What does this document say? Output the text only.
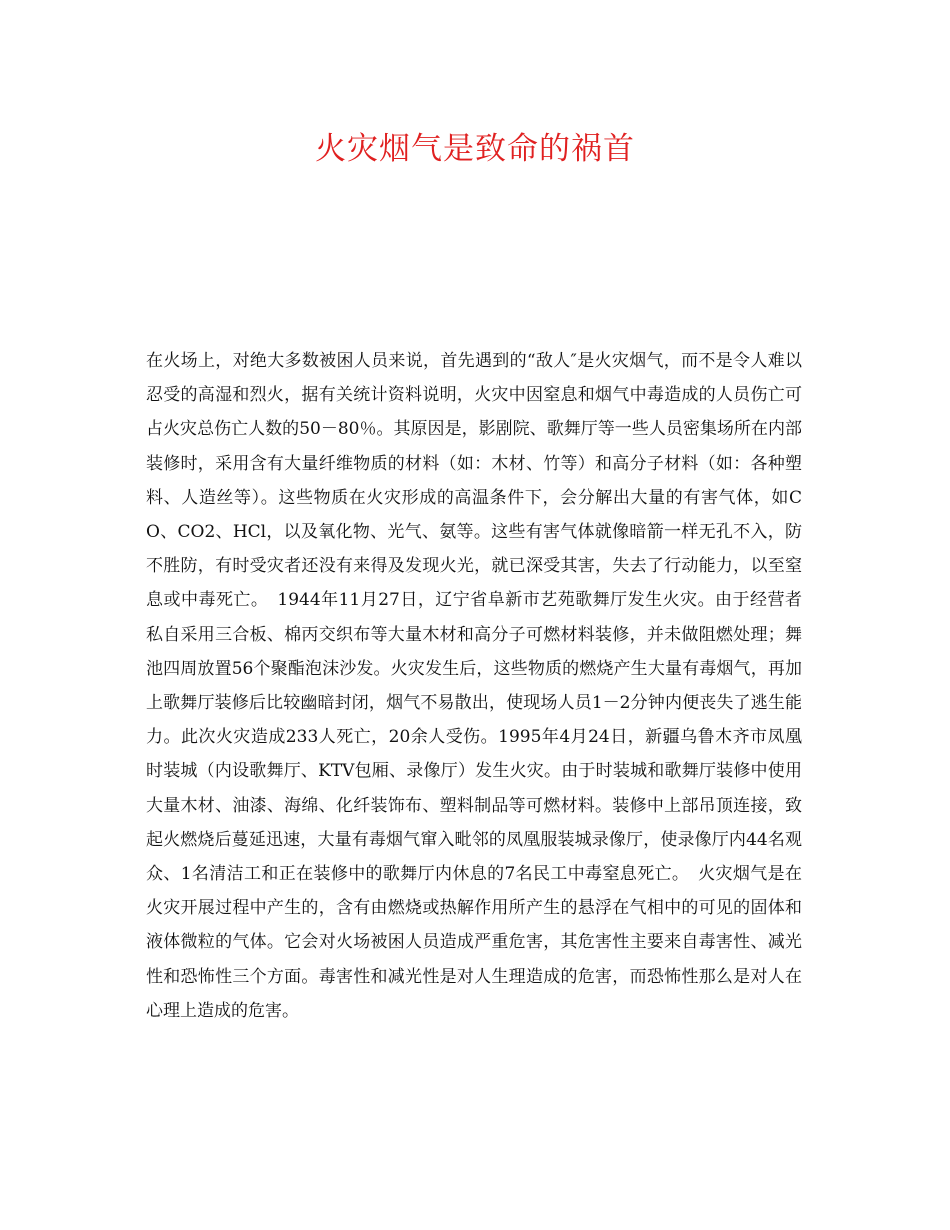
火灾烟气是致命的祸首

在火场上，对绝大多数被困人员来说，首先遇到的“敌人″是火灾烟气，而不是令人难以忍受的高湿和烈火，据有关统计资料说明，火灾中因窒息和烟气中毒造成的人员伤亡可占火灾总伤亡人数的50－80％。其原因是，影剧院、歌舞厅等一些人员密集场所在内部装修时，采用含有大量纤维物质的材料（如：木材、竹等）和高分子材料（如：各种塑料、人造丝等）。这些物质在火灾形成的高温条件下，会分解出大量的有害气体，如CO、CO2、HCl，以及氧化物、光气、氨等。这些有害气体就像暗箭一样无孔不入，防不胜防，有时受灾者还没有来得及发现火光，就已深受其害，失去了行动能力，以至窒息或中毒死亡。　1944年11月27日，辽宁省阜新市艺苑歌舞厅发生火灾。由于经营者私自采用三合板、棉丙交织布等大量木材和高分子可燃材料装修，并未做阻燃处理；舞池四周放置56个聚酯泡沫沙发。火灾发生后，这些物质的燃烧产生大量有毒烟气，再加上歌舞厅装修后比较幽暗封闭，烟气不易散出，使现场人员1－2分钟内便丧失了逃生能力。此次火灾造成233人死亡，20余人受伤。1995年4月24日，新疆乌鲁木齐市凤凰时装城（内设歌舞厅、KTV包厢、录像厅）发生火灾。由于时装城和歌舞厅装修中使用大量木材、油漆、海绵、化纤装饰布、塑料制品等可燃材料。装修中上部吊顶连接，致起火燃烧后蔓延迅速，大量有毒烟气窜入毗邻的凤凰服装城录像厅，使录像厅内44名观众、1名清洁工和正在装修中的歌舞厅内休息的7名民工中毒窒息死亡。　火灾烟气是在火灾开展过程中产生的，含有由燃烧或热解作用所产生的悬浮在气相中的可见的固体和液体微粒的气体。它会对火场被困人员造成严重危害，其危害性主要来自毒害性、减光性和恐怖性三个方面。毒害性和减光性是对人生理造成的危害，而恐怖性那么是对人在心理上造成的危害。
